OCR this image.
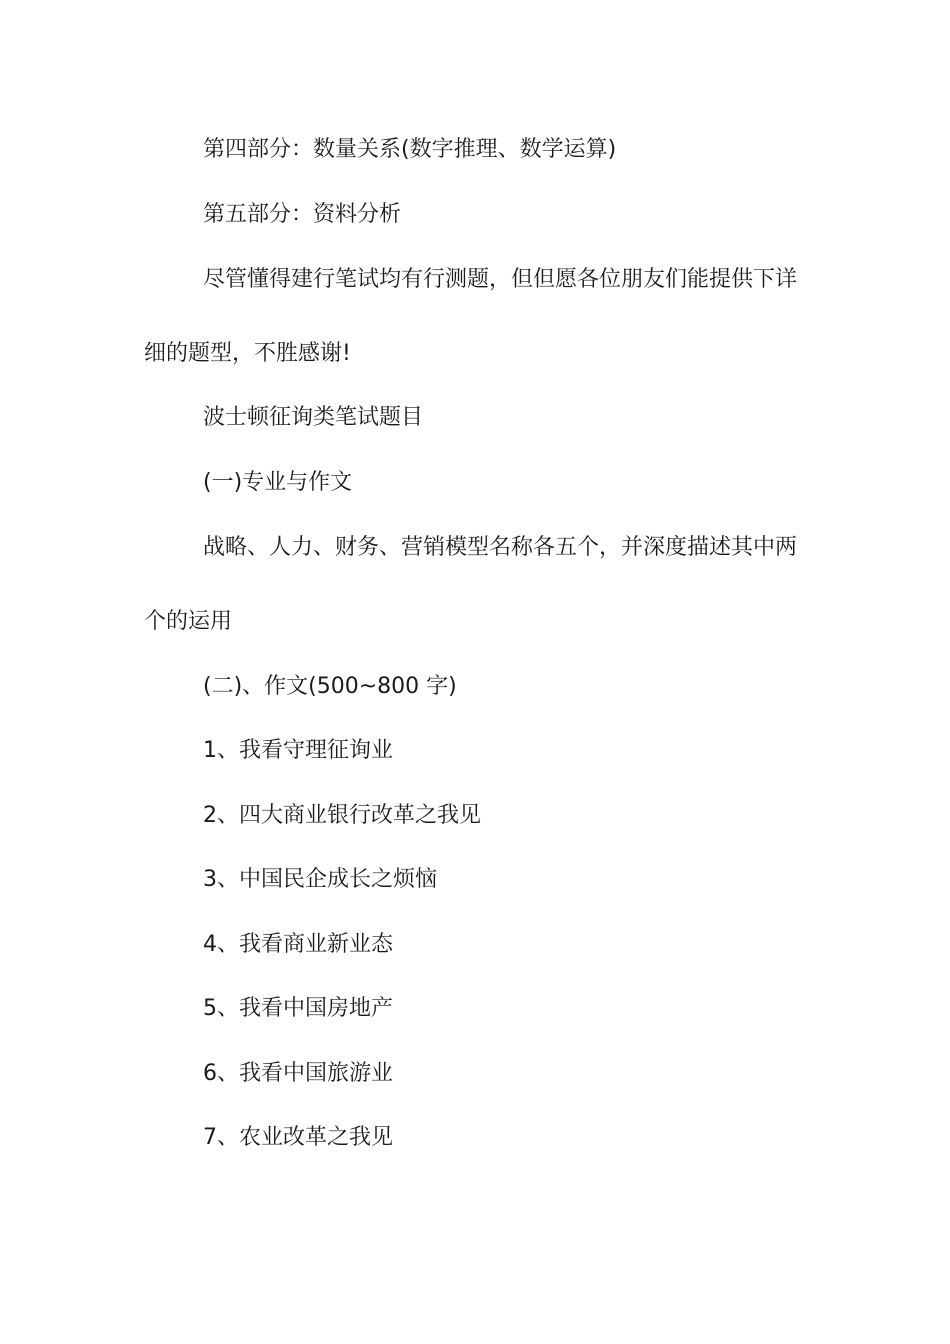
第四部分：数量关系(数字推理、数学运算)
第五部分：资料分析
尽管懂得建行笔试均有行测题，但但愿各位朋友们能提供下详
细的题型，不胜感谢!
波士顿征询类笔试题目
(一)专业与作文
战略、人力、财务、营销模型名称各五个，并深度描述其中两
个的运用
(二)、作文(500~800 字)
1、我看守理征询业
2、四大商业银行改革之我见
3、中国民企成长之烦恼
4、我看商业新业态
5、我看中国房地产
6、我看中国旅游业
7、农业改革之我见
